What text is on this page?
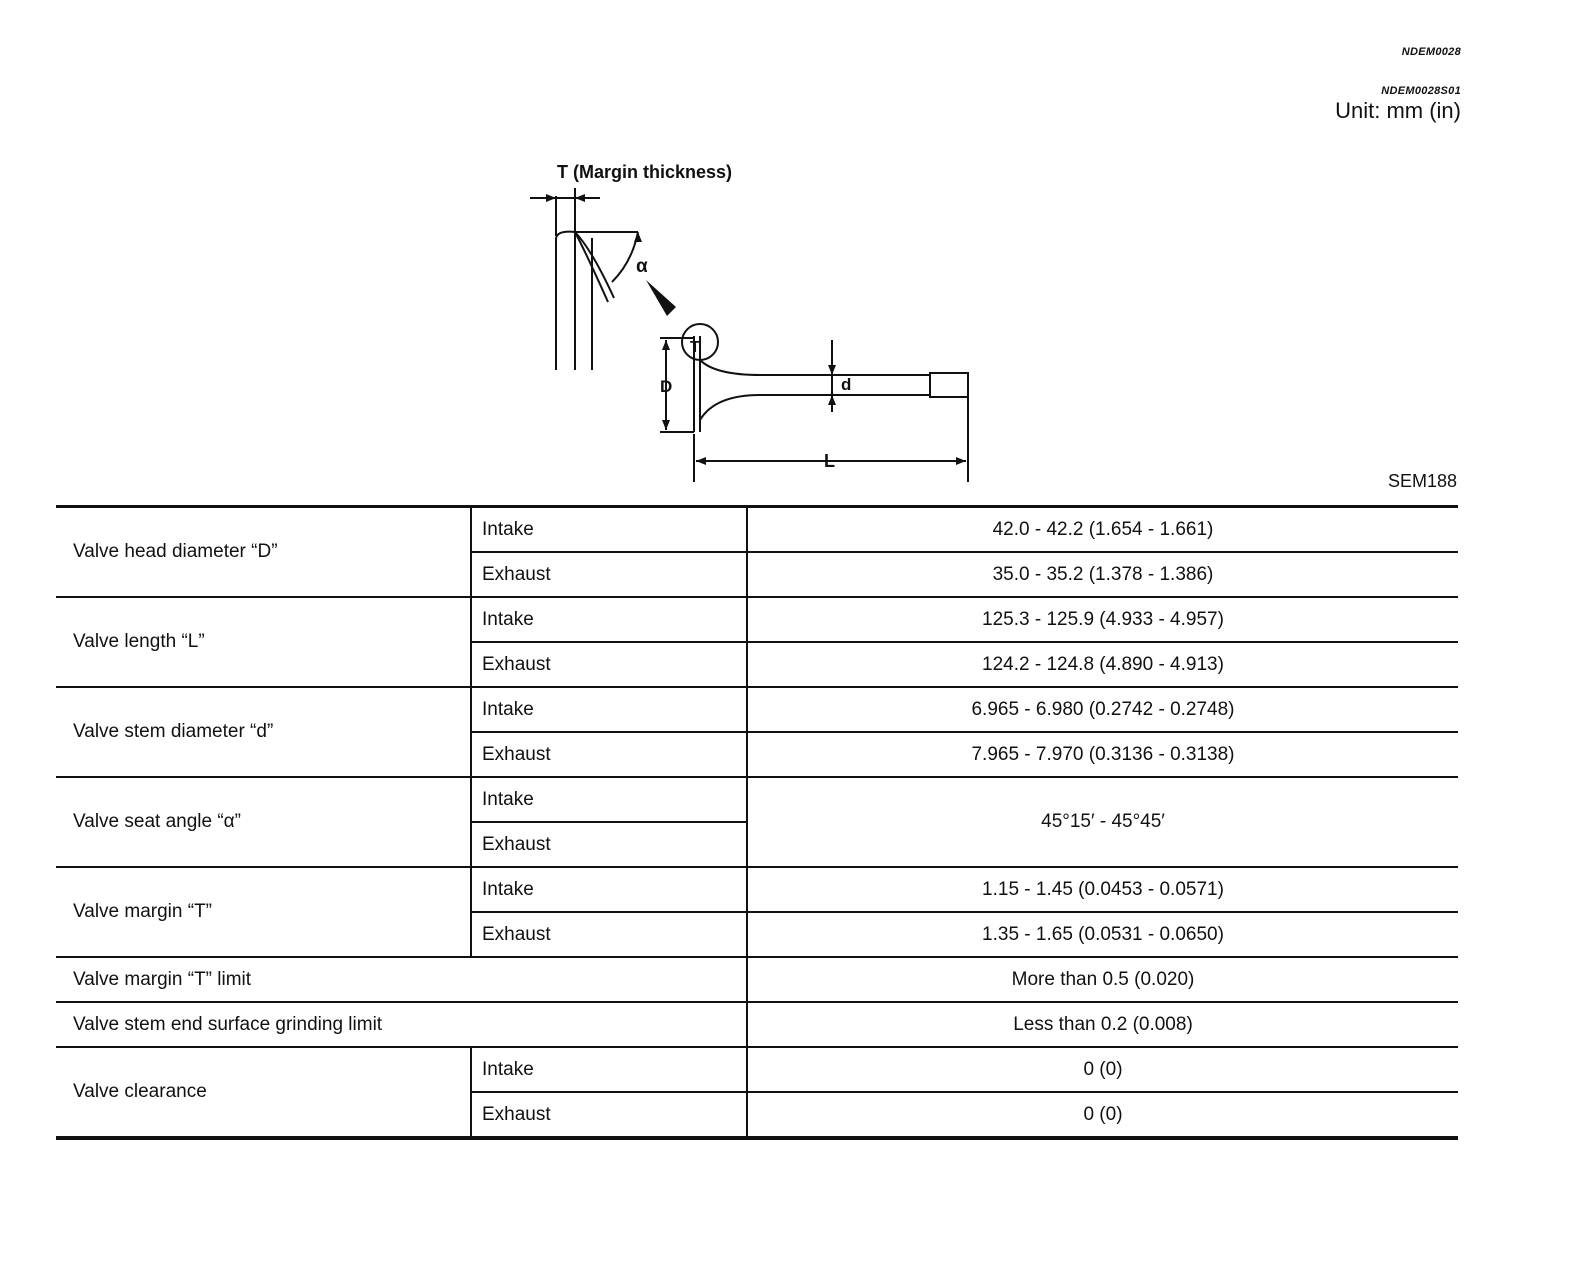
NDEM0028
NDEM0028S01
Unit: mm (in)
T (Margin thickness)
α
T
D	d
L
SEM188
Valve head diameter “D”	Intake	42.0 - 42.2 (1.654 - 1.661)
	Exhaust	35.0 - 35.2 (1.378 - 1.386)
Valve length “L”	Intake	125.3 - 125.9 (4.933 - 4.957)
	Exhaust	124.2 - 124.8 (4.890 - 4.913)
Valve stem diameter “d”	Intake	6.965 - 6.980 (0.2742 - 0.2748)
	Exhaust	7.965 - 7.970 (0.3136 - 0.3138)
Valve seat angle “α”	Intake	45°15′ - 45°45′
	Exhaust	
Valve margin “T”	Intake	1.15 - 1.45 (0.0453 - 0.0571)
	Exhaust	1.35 - 1.65 (0.0531 - 0.0650)
Valve margin “T” limit		More than 0.5 (0.020)
Valve stem end surface grinding limit		Less than 0.2 (0.008)
Valve clearance	Intake	0 (0)
	Exhaust	0 (0)
